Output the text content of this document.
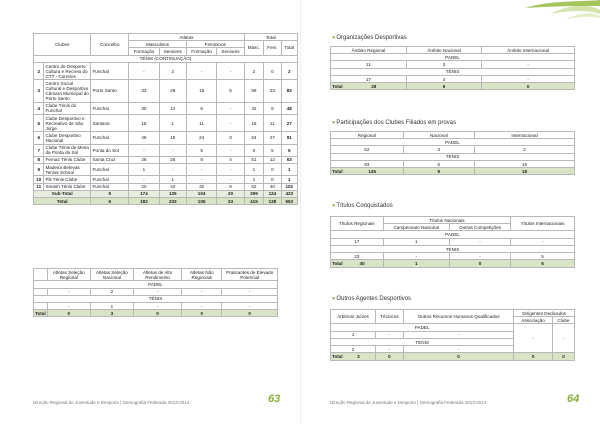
Clubes		Concelho	Atletas				Total		
			Masculinos		Femininos		Masc.	Fem.	Total
			Formação	Seniores	Formação	Seniores			
TÉNIS (CONTINUAÇÃO)									
2	Centro de Desporto Cultura e Recreio do CTT - Correios	Funchal	-	2	-	-	2	0	2
3	Centro Social Cultural e Desportivo Câmara Municipal do Porto Santo	Porto Santo	33	26	18	5	59	23	82
4	Clube Ténis do Funchal	Funchal	30	12	6	-	42	6	48
5	Clube Desportivo e Recreativo de São Jorge	Santana	15	1	11	-	16	11	27
6	Clube Desportivo Nacional	Funchal	49	15	24	3	64	27	91
7	Clube Ténis de Mesa da Ponta do Sol	Ponta do Sol	-	-	5	-	0	5	5
8	Fernaz Ténis Clube	Santa Cruz	26	25	8	4	51	12	63
9	Madeira Belevas Tennis School	Funchal	1	-	-	-	1	0	1
10	Pili Ténis Clube	Funchal	-	1	-	-	1	0	1
11	Smash Ténis Clube	Funchal	20	42	32	8	62	40	102
Sub-Total		5	174	125	104	20	299	124	423
Total		6	182	233	105	33	415	138	553
	Atletas Seleção Regional	Atletas Seleção Nacional	Atletas de Alto Rendimento	Atletas Não Regionais	Praticantes de Elevado Potencial
PADEL					
	-	2	-	-	-
TÉNIS					
	-	1	-	-	-
Total	0	3	0	0	0
Direção Regional de Juventude e Desporto | Demografia Federada 2013-2014	63
»Organizações Desportivas
Âmbito Regional	Âmbito Nacional	Âmbito Internacional
PADEL		
11	3	-
TÉNIS		
17	4	-

Total 28	6	0
»Participações dos Clubes Filiados em provas
Regional	Nacional	Internacional
PADEL		
52	3	2
TÉNIS		
93	6	16

Total 145	9	18
»Títulos Conquistados
Títulos Regionais	Títulos Nacionais		Títulos Internacionais
	Campeonato Nacional	Outras Competições	
PADEL			
17	1	-	-
TÉNIS			
23	-	-	5

Total 40	1	0	5
»Outros Agentes Desportivos
Árbitros/ Juízes	Técnicos	Outros Recursos Humanos Qualificados	Dirigentes Dedicados	
			Associação	Clube
PADEL			-	-
1	-	-		
TÉNIS				
2	-	-		

Total 3	0	0	0	0
Direção Regional de Juventude e Desporto | Demografia Federada 2013-2014	64
